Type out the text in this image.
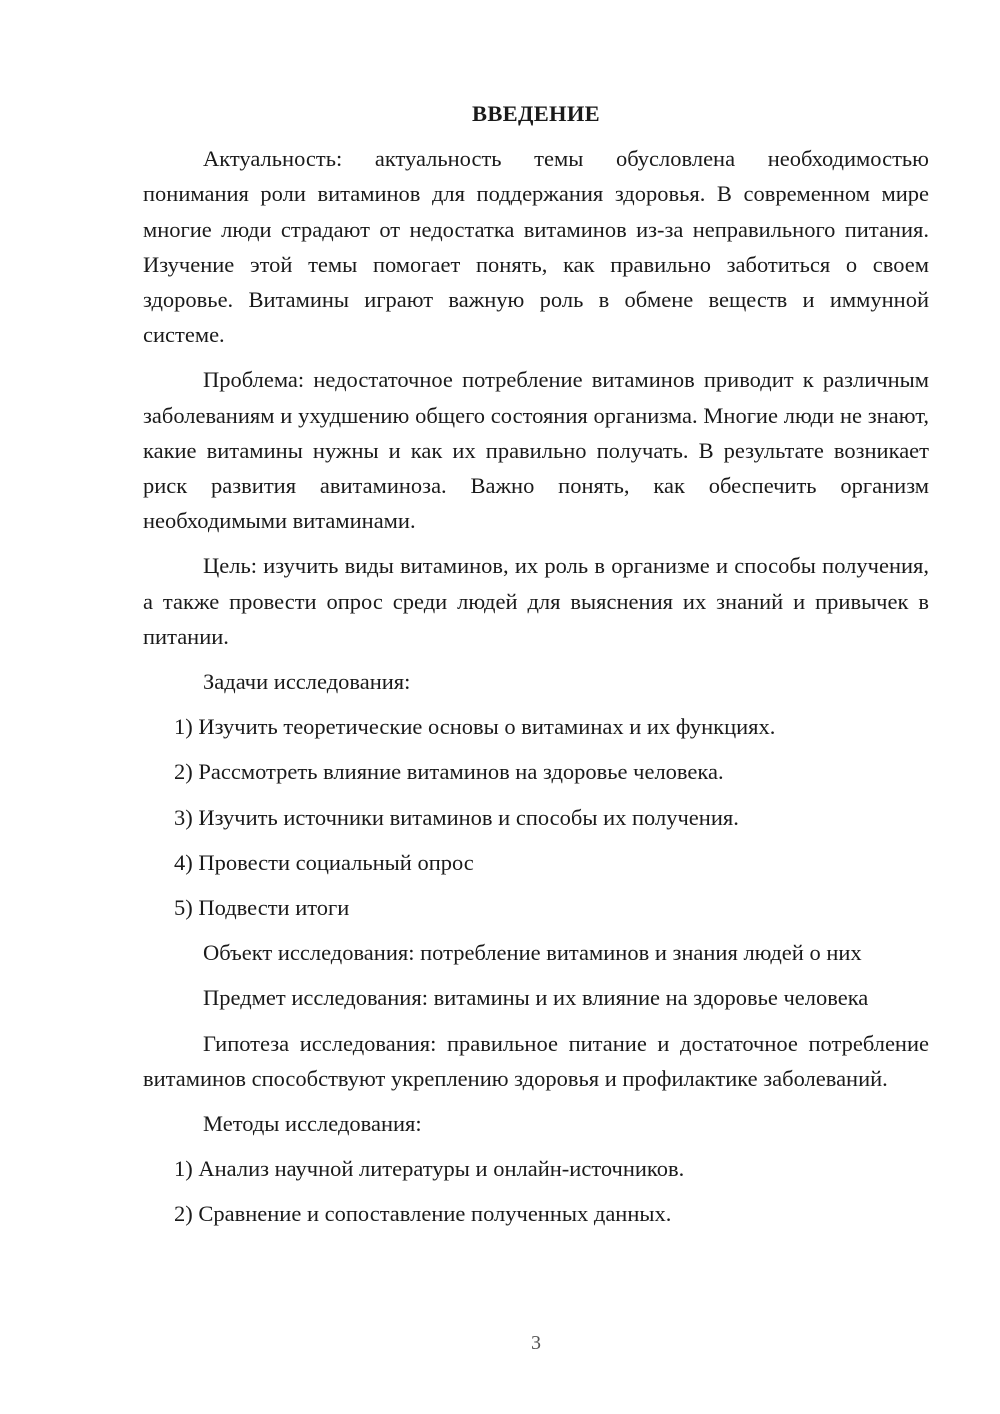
ВВЕДЕНИЕ

Актуальность: актуальность темы обусловлена необходимостью понимания роли витаминов для поддержания здоровья. В современном мире многие люди страдают от недостатка витаминов из-за неправильного питания. Изучение этой темы помогает понять, как правильно заботиться о своем здоровье. Витамины играют важную роль в обмене веществ и иммунной системе.

Проблема: недостаточное потребление витаминов приводит к различным заболеваниям и ухудшению общего состояния организма. Многие люди не знают, какие витамины нужны и как их правильно получать. В результате возникает риск развития авитаминоза. Важно понять, как обеспечить организм необходимыми витаминами.

Цель: изучить виды витаминов, их роль в организме и способы получения, а также провести опрос среди людей для выяснения их знаний и привычек в питании.

Задачи исследования:

1) Изучить теоретические основы о витаминах и их функциях.

2) Рассмотреть влияние витаминов на здоровье человека.

3) Изучить источники витаминов и способы их получения.

4) Провести социальный опрос

5) Подвести итоги

Объект исследования: потребление витаминов и знания людей о них

Предмет исследования: витамины и их влияние на здоровье человека

Гипотеза исследования: правильное питание и достаточное потребление витаминов способствуют укреплению здоровья и профилактике заболеваний.

Методы исследования:

1) Анализ научной литературы и онлайн-источников.

2) Сравнение и сопоставление полученных данных.

3
